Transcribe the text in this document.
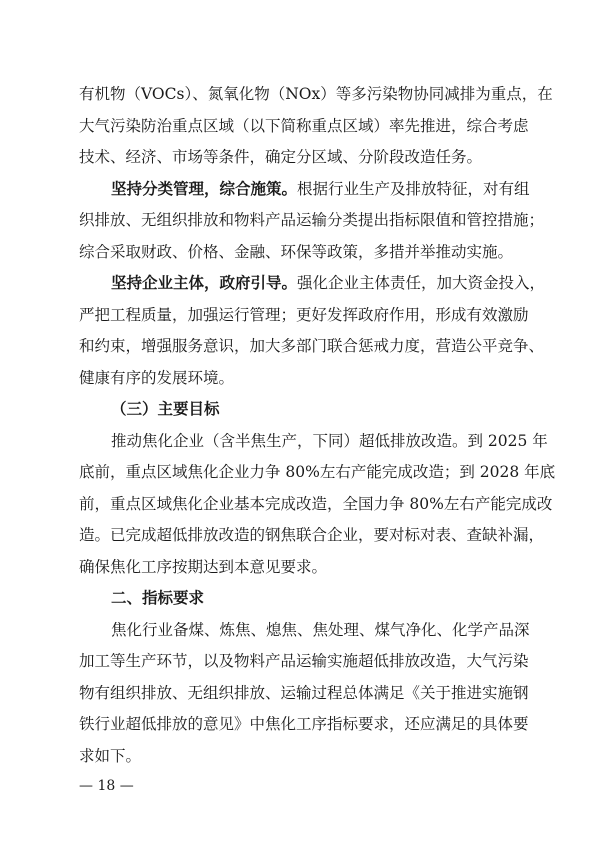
有机物（VOCs）、氮氧化物（NOx）等多污染物协同减排为重点，在
大气污染防治重点区域（以下简称重点区域）率先推进，综合考虑
技术、经济、市场等条件，确定分区域、分阶段改造任务。
坚持分类管理，综合施策。根据行业生产及排放特征，对有组
织排放、无组织排放和物料产品运输分类提出指标限值和管控措施；
综合采取财政、价格、金融、环保等政策，多措并举推动实施。
坚持企业主体，政府引导。强化企业主体责任，加大资金投入，
严把工程质量，加强运行管理；更好发挥政府作用，形成有效激励
和约束，增强服务意识，加大多部门联合惩戒力度，营造公平竞争、
健康有序的发展环境。
（三）主要目标
推动焦化企业（含半焦生产，下同）超低排放改造。到 2025 年
底前，重点区域焦化企业力争 80%左右产能完成改造；到 2028 年底
前，重点区域焦化企业基本完成改造，全国力争 80%左右产能完成改
造。已完成超低排放改造的钢焦联合企业，要对标对表、查缺补漏，
确保焦化工序按期达到本意见要求。
二、指标要求
焦化行业备煤、炼焦、熄焦、焦处理、煤气净化、化学产品深
加工等生产环节，以及物料产品运输实施超低排放改造，大气污染
物有组织排放、无组织排放、运输过程总体满足《关于推进实施钢
铁行业超低排放的意见》中焦化工序指标要求，还应满足的具体要
求如下。
— 18 —
